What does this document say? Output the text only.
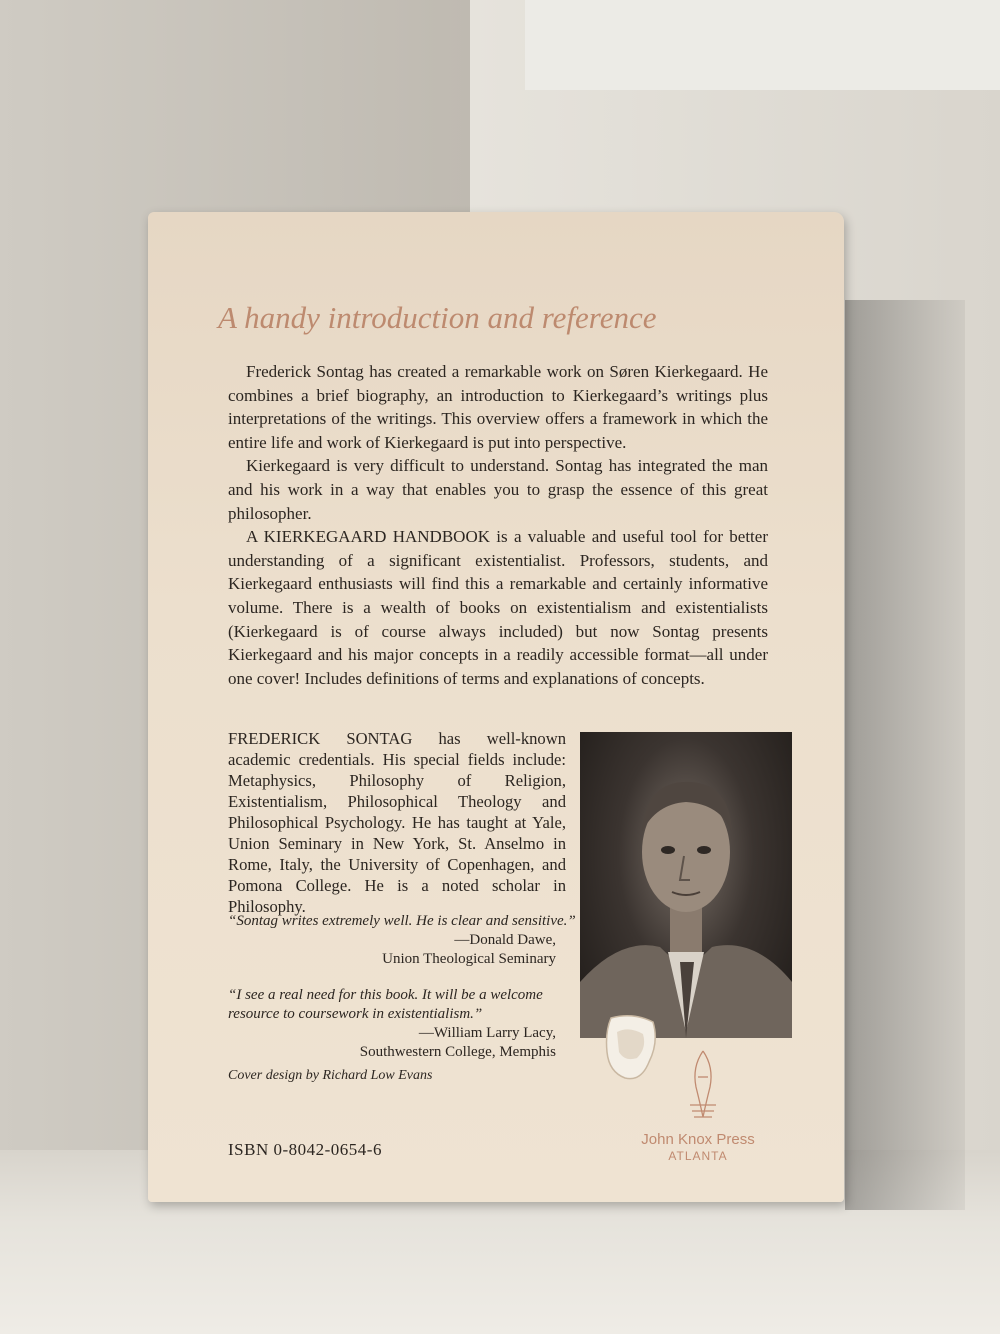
A handy introduction and reference

Frederick Sontag has created a remarkable work on Søren Kierkegaard. He combines a brief biography, an introduction to Kierkegaard’s writings plus interpretations of the writings. This overview offers a framework in which the entire life and work of Kierkegaard is put into perspective.

Kierkegaard is very difficult to understand. Sontag has integrated the man and his work in a way that enables you to grasp the essence of this great philosopher.

A KIERKEGAARD HANDBOOK is a valuable and useful tool for better understanding of a significant existentialist. Professors, students, and Kierkegaard enthusiasts will find this a remarkable and certainly informative volume. There is a wealth of books on existentialism and existentialists (Kierkegaard is of course always included) but now Sontag presents Kierkegaard and his major concepts in a readily accessible format—all under one cover! Includes definitions of terms and explanations of concepts.

FREDERICK SONTAG has well-known academic credentials. His special fields include: Metaphysics, Philosophy of Religion, Existentialism, Philosophical Theology and Philosophical Psychology. He has taught at Yale, Union Seminary in New York, St. Anselmo in Rome, Italy, the University of Copenhagen, and Pomona College. He is a noted scholar in Philosophy.

“Sontag writes extremely well. He is clear and sensitive.”

—Donald Dawe,

Union Theological Seminary

“I see a real need for this book. It will be a welcome resource to coursework in existentialism.”

—William Larry Lacy,

Southwestern College, Memphis

Cover design by Richard Low Evans
ISBN 0-8042-0654-6
John Knox Press
ATLANTA
